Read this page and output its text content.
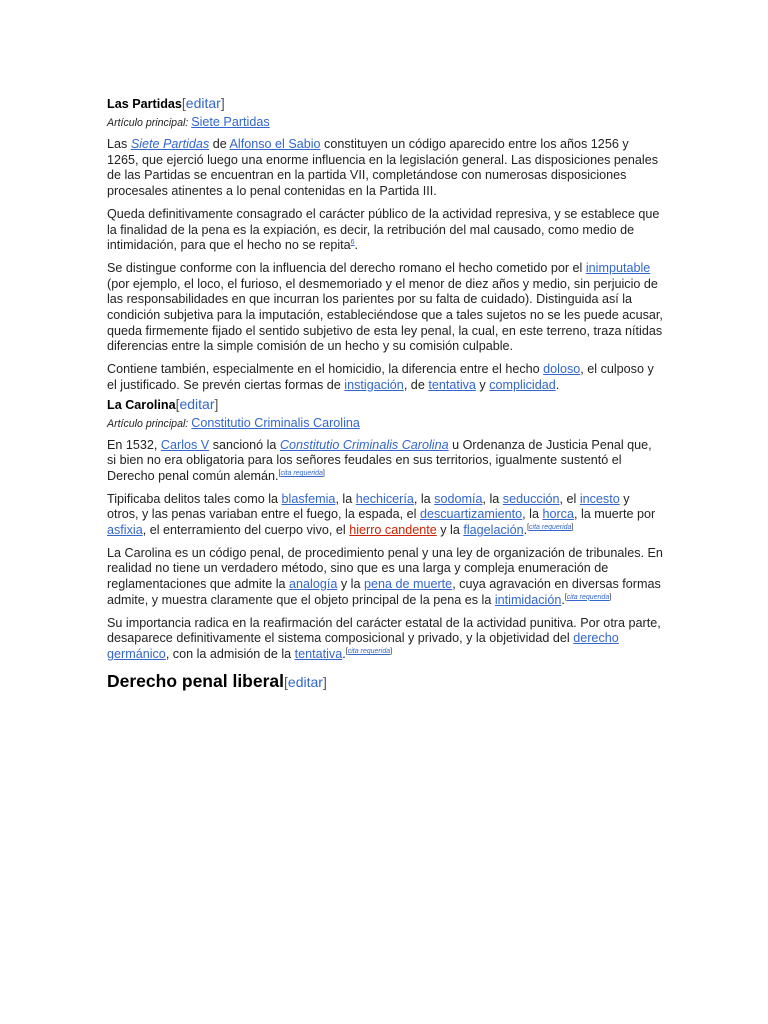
Las Partidas[editar]
Artículo principal: Siete Partidas

Las Siete Partidas de Alfonso el Sabio constituyen un código aparecido entre los años 1256 y 1265, que ejerció luego una enorme influencia en la legislación general. Las disposiciones penales de las Partidas se encuentran en la partida VII, completándose con numerosas disposiciones procesales atinentes a lo penal contenidas en la Partida III.

Queda definitivamente consagrado el carácter público de la actividad represiva, y se establece que la finalidad de la pena es la expiación, es decir, la retribución del mal causado, como medio de intimidación, para que el hecho no se repita$^6$.

Se distingue conforme con la influencia del derecho romano el hecho cometido por el inimputable (por ejemplo, el loco, el furioso, el desmemoriado y el menor de diez años y medio, sin perjuicio de las responsabilidades en que incurran los parientes por su falta de cuidado). Distinguida así la condición subjetiva para la imputación, estableciéndose que a tales sujetos no se les puede acusar, queda firmemente fijado el sentido subjetivo de esta ley penal, la cual, en este terreno, traza nítidas diferencias entre la simple comisión de un hecho y su comisión culpable.

Contiene también, especialmente en el homicidio, la diferencia entre el hecho doloso, el culposo y el justificado. Se prevén ciertas formas de instigación, de tentativa y complicidad.

La Carolina[editar]
Artículo principal: Constitutio Criminalis Carolina

En 1532, Carlos V sancionó la Constitutio Criminalis Carolina u Ordenanza de Justicia Penal que, si bien no era obligatoria para los señores feudales en sus territorios, igualmente sustentó el Derecho penal común alemán.[cita requerida]

Tipificaba delitos tales como la blasfemia, la hechicería, la sodomía, la seducción, el incesto y otros, y las penas variaban entre el fuego, la espada, el descuartizamiento, la horca, la muerte por asfixia, el enterramiento del cuerpo vivo, el hierro candente y la flagelación.[cita requerida]

La Carolina es un código penal, de procedimiento penal y una ley de organización de tribunales. En realidad no tiene un verdadero método, sino que es una larga y compleja enumeración de reglamentaciones que admite la analogía y la pena de muerte, cuya agravación en diversas formas admite, y muestra claramente que el objeto principal de la pena es la intimidación.[cita requerida]

Su importancia radica en la reafirmación del carácter estatal de la actividad punitiva. Por otra parte, desaparece definitivamente el sistema composicional y privado, y la objetividad del derecho germánico, con la admisión de la tentativa.[cita requerida]

Derecho penal liberal[editar]
